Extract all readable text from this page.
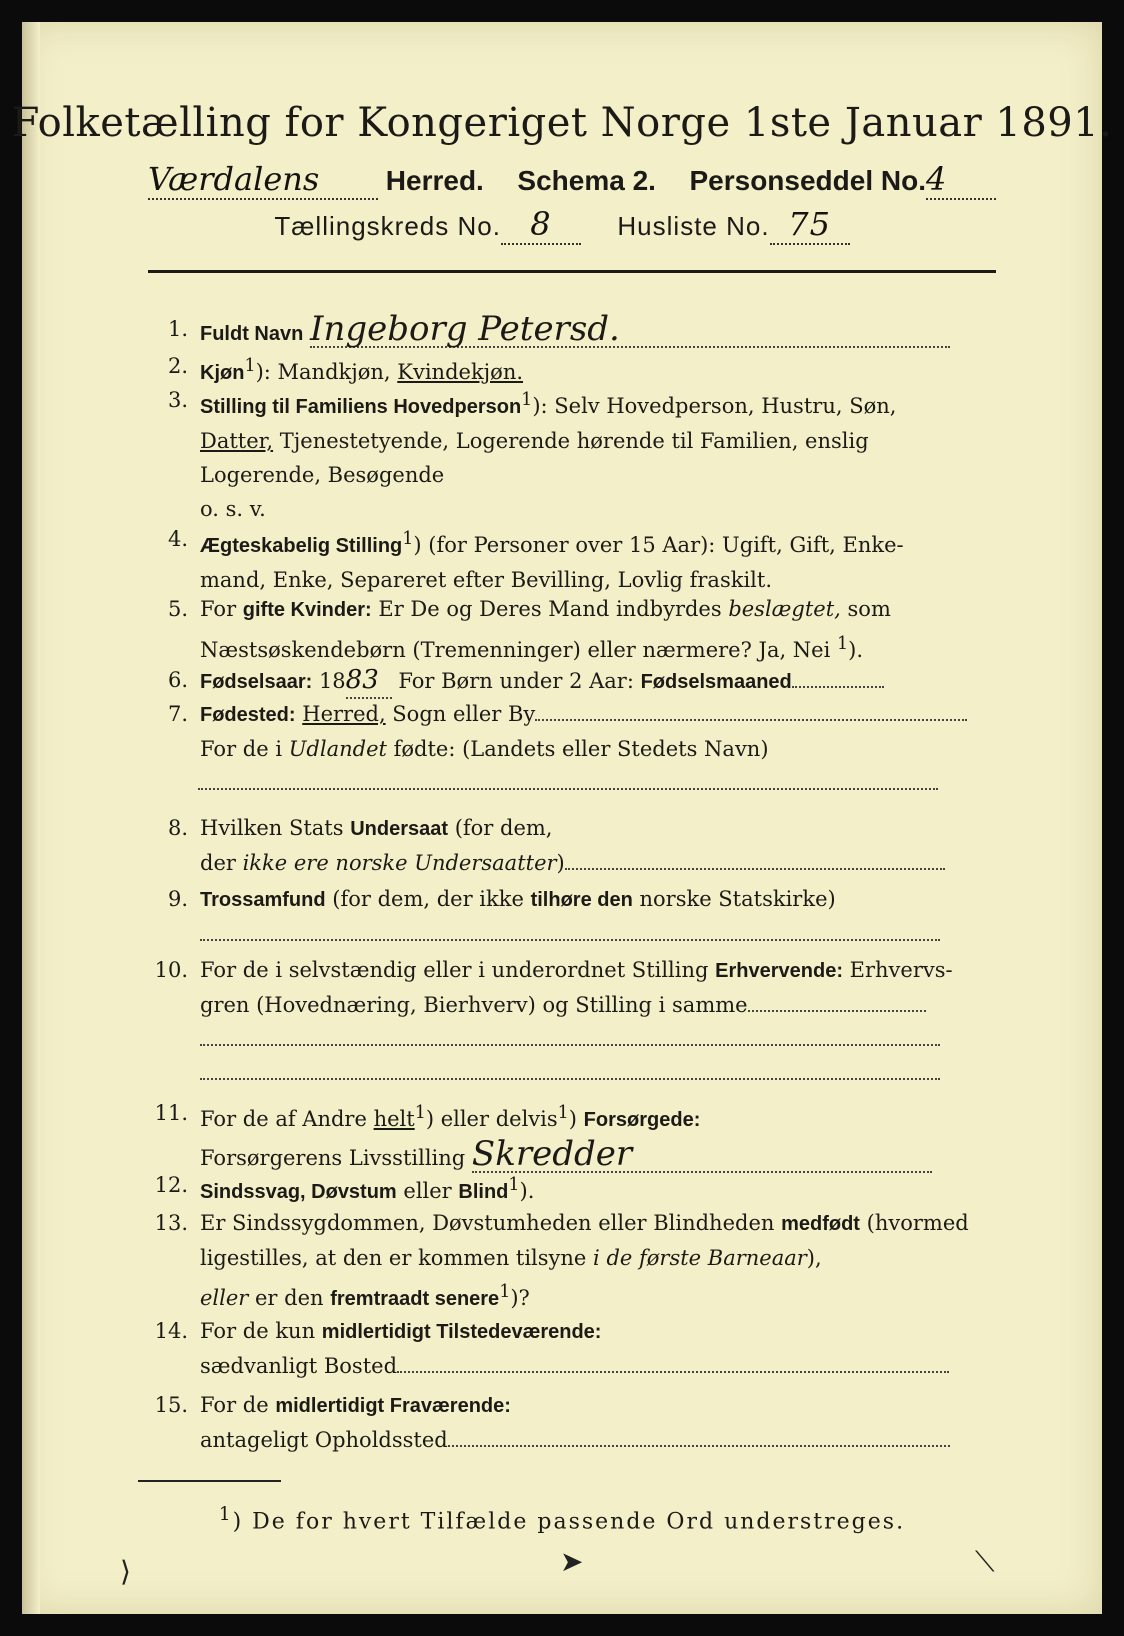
Folketælling for Kongeriget Norge 1ste Januar 1891.
Værdalens Herred. Schema 2. Personseddel No.4
Tællingskreds No. 8	Husliste No. 75
1. Fuldt Navn Ingeborg Petersd.
2. Kjøn$^1$): Mandkjøn, Kvindekjøn.
3. Stilling til Familiens Hovedperson$^1$): Selv Hovedperson, Hustru, Søn,
Datter, Tjenestetyende, Logerende hørende til Familien, enslig
Logerende, Besøgende
o. s. v.
4. Ægteskabelig Stilling$^1$) (for Personer over 15 Aar): Ugift, Gift, Enke-
mand, Enke, Separeret efter Bevilling, Lovlig fraskilt.
5. For gifte Kvinder: Er De og Deres Mand indbyrdes beslægtet, som
Næstsøskendebørn (Tremenninger) eller nærmere? Ja, Nei $^1$).
6. Fødselsaar: 1883 For Børn under 2 Aar: Fødselsmaaned
7. Fødested: Herred, Sogn eller By
For de i Udlandet fødte: (Landets eller Stedets Navn)

8. Hvilken Stats Undersaat (for dem,
der ikke ere norske Undersaatter)
9. Trossamfund (for dem, der ikke tilhøre den norske Statskirke)

10. For de i selvstændig eller i underordnet Stilling Erhvervende: Erhvervs-
gren (Hovednæring, Bierhverv) og Stilling i samme

11. For de af Andre helt$^1$) eller delvis$^1$) Forsørgede:
Forsørgerens Livsstilling Skredder
12. Sindssvag, Døvstum eller Blind$^1$).
13. Er Sindssygdommen, Døvstumheden eller Blindheden medfødt (hvormed
ligestilles, at den er kommen tilsyne i de første Barneaar),
eller er den fremtraadt senere$^1$)?
14. For de kun midlertidigt Tilstedeværende:
sædvanligt Bosted
15. For de midlertidigt Fraværende:
antageligt Opholdssted
$^1$) De for hvert Tilfælde passende Ord understreges.
⟩	➤	⟍
